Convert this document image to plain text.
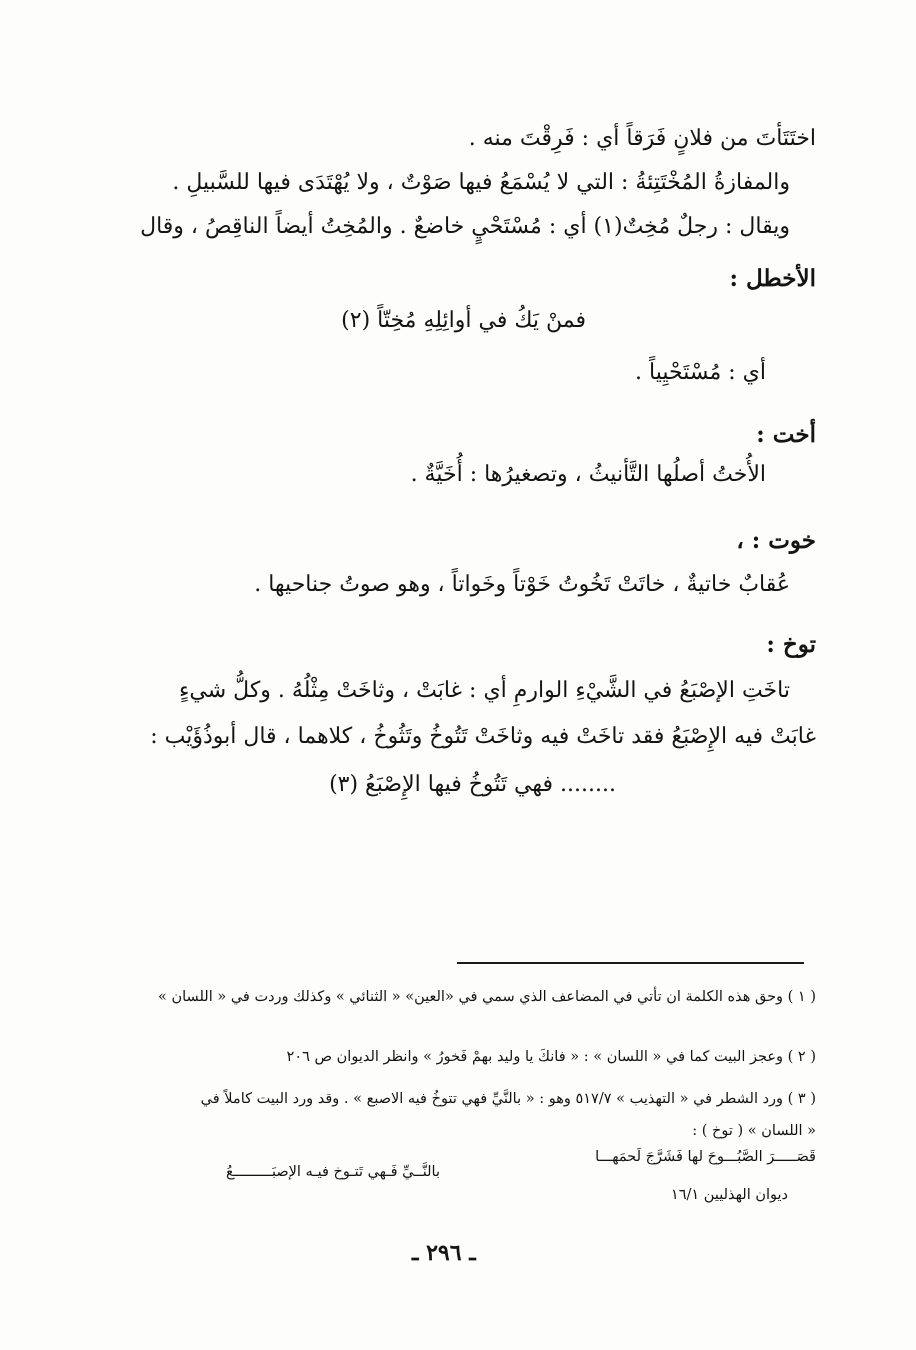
اختَتَأتَ من فلانٍ فَرَقاً أي : فَرِقْتَ منه .

والمفازةُ المُخْتَتِئةُ : التي لا يُسْمَعُ فيها صَوْتٌ ، ولا يُهْتَدَى فيها للسَّبيلِ .

ويقال : رجلٌ مُخِتٌ(١) أي : مُسْتَحْيٍ خاضعٌ . والمُخِتُ أيضاً الناقِصُ ، وقال

الأخطل :

فمنْ يَكُ في أوائِلِهِ مُخِتّاً (٢)

أي : مُسْتَحْيِياً .

أخت :

الأُختُ أصلُها التَّأنيثُ ، وتصغيرُها : أُخَيَّةٌ .

خوت : ،

عُقابٌ خاتيةٌ ، خاتَتْ تَخُوتُ خَوْتاً وخَواتاً ، وهو صوتُ جناحيها .

توخ :

تاخَتِ الإصْبَعُ في الشَّيْءِ الوارمِ أي : غابَتْ ، وثاخَتْ مِثْلُهُ . وكلُّ شيءٍ

غابَتْ فيه الإِصْبَعُ فقد تاخَتْ فيه وثاخَتْ تَتُوخُ وتَثُوخُ ، كلاهما ، قال أبوذُؤَيْب :

........ فهي تَتُوخُ فيها الإِصْبَعُ (٣)

( ١ ) وحق هذه الكلمة ان تأتي في المضاعف الذي سمي في «العين» « الثنائي » وكذلك وردت في « اللسان »

( ٢ ) وعجز البيت كما في « اللسان » : « فانكَ يا وليد بهمْ فَخورُ » وانظر الديوان ص ٢٠٦

( ٣ ) ورد الشطر في « التهذيب » ٥١٧/٧ وهو : « بالنَّيِّ فهي تتوخُ فيه الاصبع » . وقد ورد البيت كاملاً في

« اللسان » ( توخ ) :

قَصَـــــرَ الصَّبُـــوحَ لها فَشَرَّجَ لَحمَهـــا

بالنَّــيِّ فَـهي تَتـوخ فيـه الإصبَـــــــــعُ

ديوان الهذليين ١٦/١

ـ ٢٩٦ ـ
